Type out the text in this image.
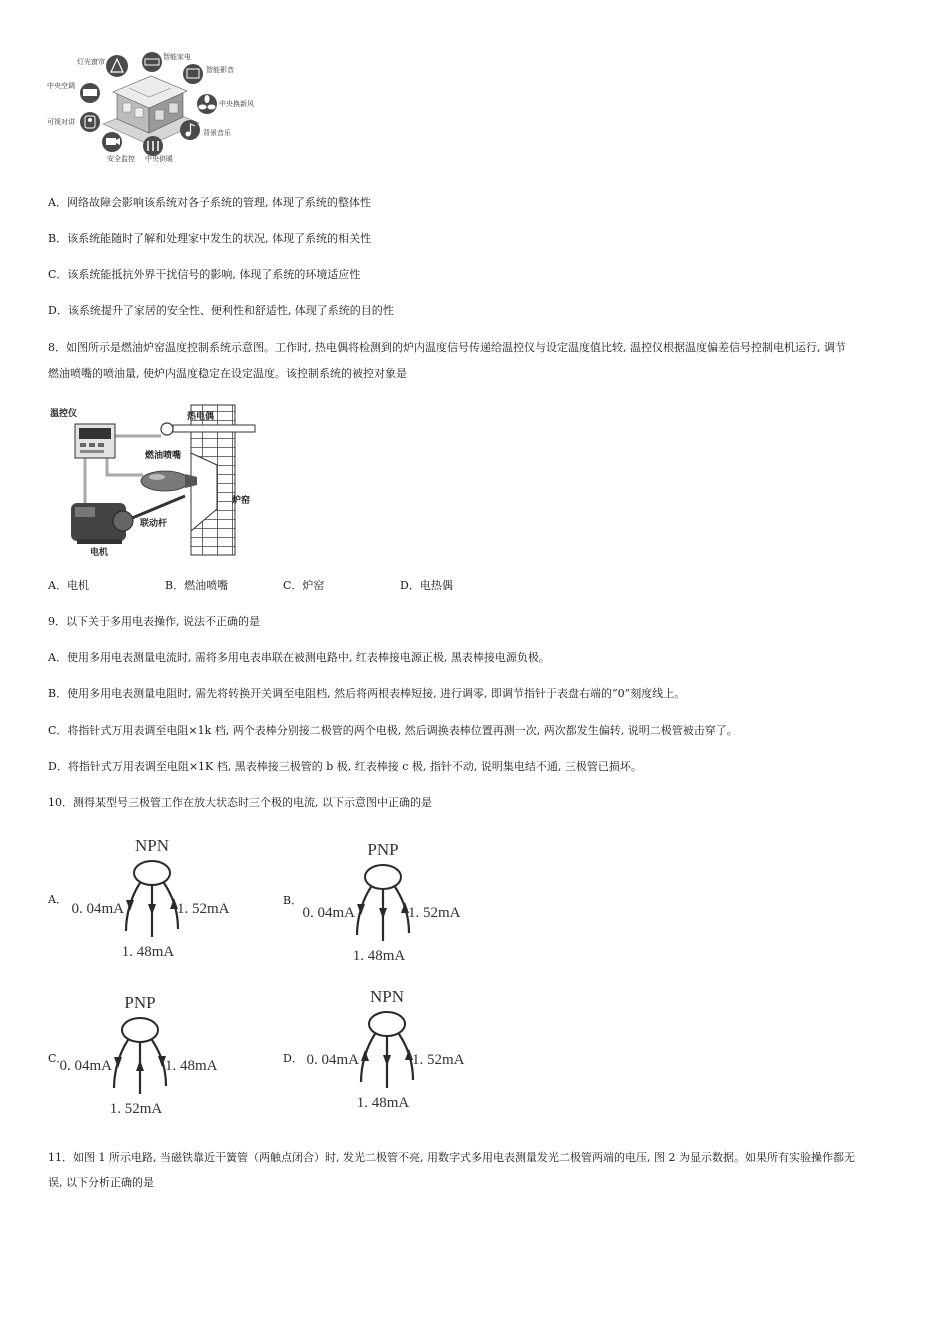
灯光窗帘
智能家电
智能影音
中央空调
中央换新风
可视对讲
背景音乐
安全监控 中央供暖
A．网络故障会影响该系统对各子系统的管理, 体现了系统的整体性
B．该系统能随时了解和处理家中发生的状况, 体现了系统的相关性
C．该系统能抵抗外界干扰信号的影响, 体现了系统的环境适应性
D．该系统提升了家居的安全性、便利性和舒适性, 体现了系统的目的性
8．如图所示是燃油炉窑温度控制系统示意图。工作时, 热电偶将检测到的炉内温度信号传递给温控仪与设定温度值比较, 温控仪根据温度偏差信号控制电机运行, 调节
燃油喷嘴的喷油量, 使炉内温度稳定在设定温度。该控制系统的被控对象是
温控仪	热电偶
燃油喷嘴
炉窑
联动杆
电机
A．电机	B．燃油喷嘴	C．炉窑	D．电热偶
9．以下关于多用电表操作, 说法不正确的是
A．使用多用电表测量电流时, 需将多用电表串联在被测电路中, 红表棒接电源正极, 黑表棒接电源负极。
B．使用多用电表测量电阻时, 需先将转换开关调至电阻档, 然后将两根表棒短接, 进行调零, 即调节指针于表盘右端的“0”刻度线上。
C．将指针式万用表调至电阻×1k 档, 两个表棒分别接二极管的两个电极, 然后调换表棒位置再测一次, 两次都发生偏转, 说明二极管被击穿了。
D．将指针式万用表调至电阻×1K 档, 黑表棒接三极管的 b 极, 红表棒接 c 极, 指针不动, 说明集电结不通, 三极管已损坏。
10．测得某型号三极管工作在放大状态时三个极的电流, 以下示意图中正确的是
A．
NPN
0. 04mA	1. 52mA
1. 48mA
B．
PNP
0. 04mA	1. 52mA
1. 48mA
C．
PNP
0. 04mA	1. 48mA
1. 52mA
D．
NPN
0. 04mA	1. 52mA
1. 48mA
11．如图 1 所示电路, 当磁铁靠近干簧管（两触点闭合）时, 发光二极管不亮, 用数字式多用电表测量发光二极管两端的电压, 图 2 为显示数据。如果所有实验操作都无
误, 以下分析正确的是
